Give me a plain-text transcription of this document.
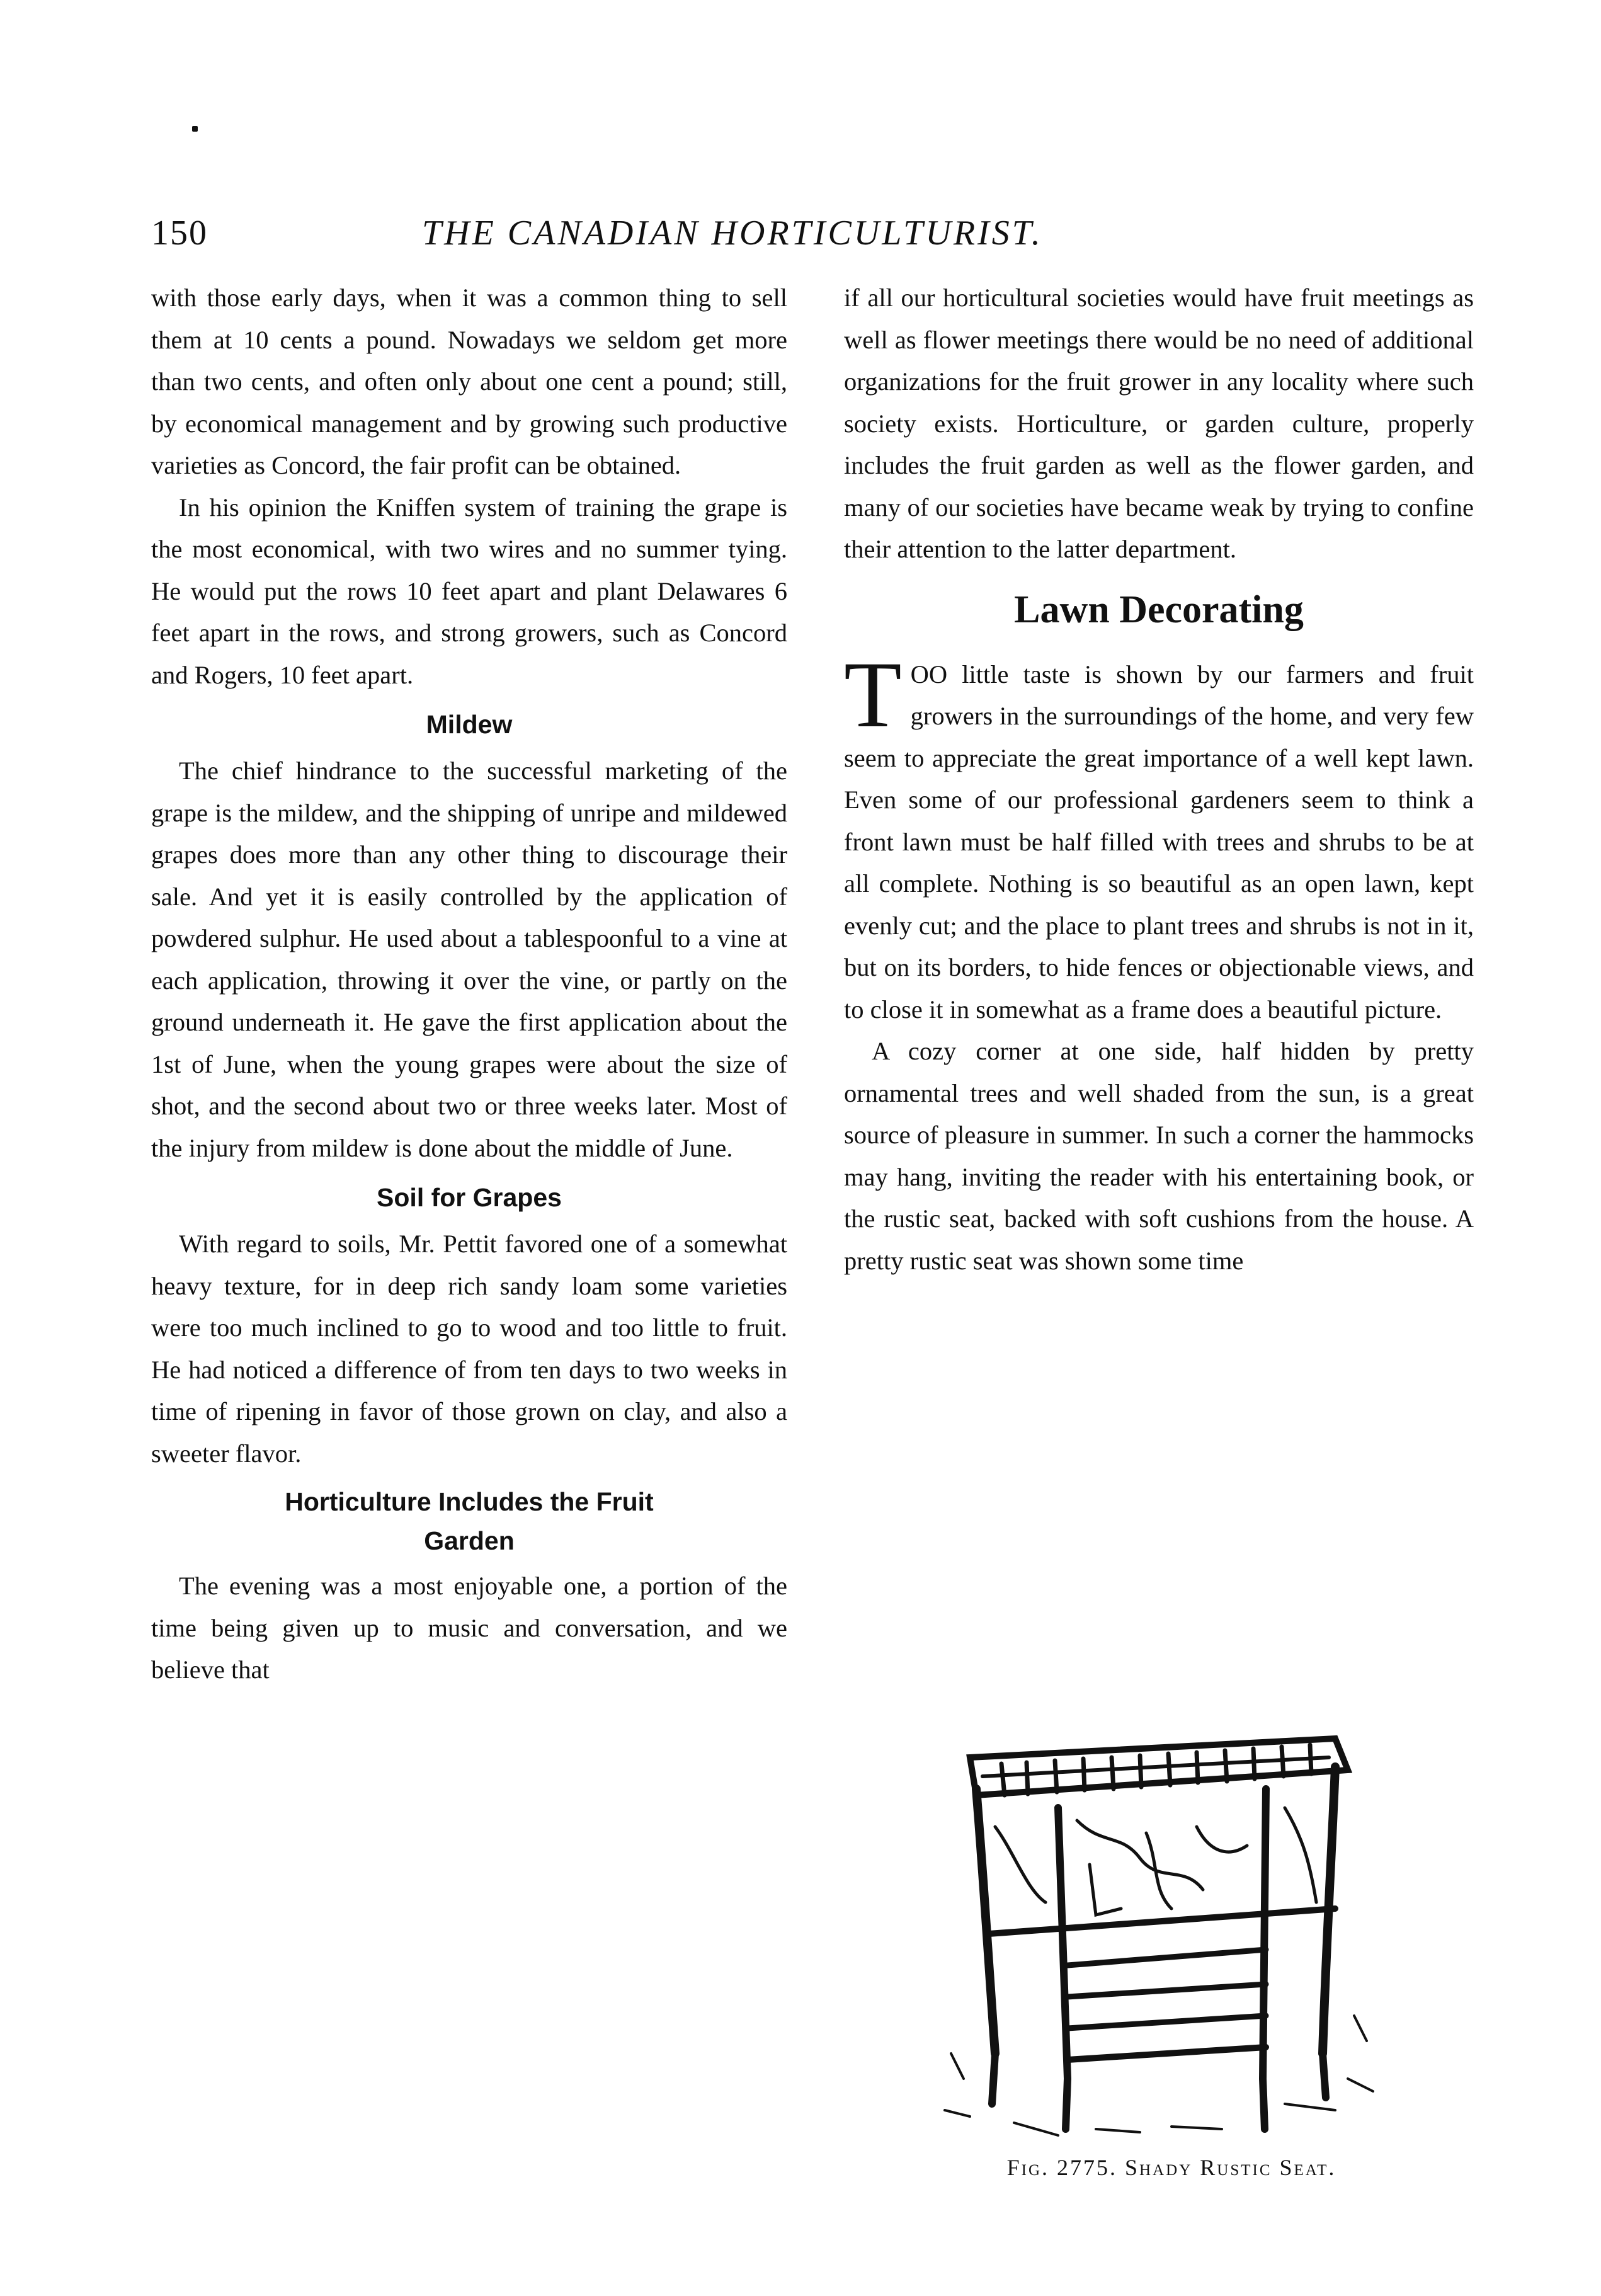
150	THE CANADIAN HORTICULTURIST.

with those early days, when it was a common thing to sell them at 10 cents a pound. Nowadays we seldom get more than two cents, and often only about one cent a pound; still, by economical management and by growing such productive varieties as Concord, the fair profit can be obtained.

In his opinion the Kniffen system of training the grape is the most economical, with two wires and no summer tying. He would put the rows 10 feet apart and plant Delawares 6 feet apart in the rows, and strong growers, such as Concord and Rogers, 10 feet apart.

Mildew

The chief hindrance to the successful marketing of the grape is the mildew, and the shipping of unripe and mildewed grapes does more than any other thing to discourage their sale. And yet it is easily controlled by the application of powdered sulphur. He used about a tablespoonful to a vine at each application, throwing it over the vine, or partly on the ground underneath it. He gave the first application about the 1st of June, when the young grapes were about the size of shot, and the second about two or three weeks later. Most of the injury from mildew is done about the middle of June.

Soil for Grapes

With regard to soils, Mr. Pettit favored one of a somewhat heavy texture, for in deep rich sandy loam some varieties were too much inclined to go to wood and too little to fruit. He had noticed a difference of from ten days to two weeks in time of ripening in favor of those grown on clay, and also a sweeter flavor.

Horticulture Includes the Fruit
Garden

The evening was a most enjoyable one, a portion of the time being given up to music and conversation, and we believe that

if all our horticultural societies would have fruit meetings as well as flower meetings there would be no need of additional organizations for the fruit grower in any locality where such society exists. Horticulture, or garden culture, properly includes the fruit garden as well as the flower garden, and many of our societies have became weak by trying to confine their attention to the latter department.

Lawn Decorating

TOO little taste is shown by our farmers and fruit growers in the surroundings of the home, and very few seem to appreciate the great importance of a well kept lawn. Even some of our professional gardeners seem to think a front lawn must be half filled with trees and shrubs to be at all complete. Nothing is so beautiful as an open lawn, kept evenly cut; and the place to plant trees and shrubs is not in it, but on its borders, to hide fences or objectionable views, and to close it in somewhat as a frame does a beautiful picture.

A cozy corner at one side, half hidden by pretty ornamental trees and well shaded from the sun, is a great source of pleasure in summer. In such a corner the hammocks may hang, inviting the reader with his entertaining book, or the rustic seat, backed with soft cushions from the house. A pretty rustic seat was shown some time

Fig. 2775. Shady Rustic Seat.
